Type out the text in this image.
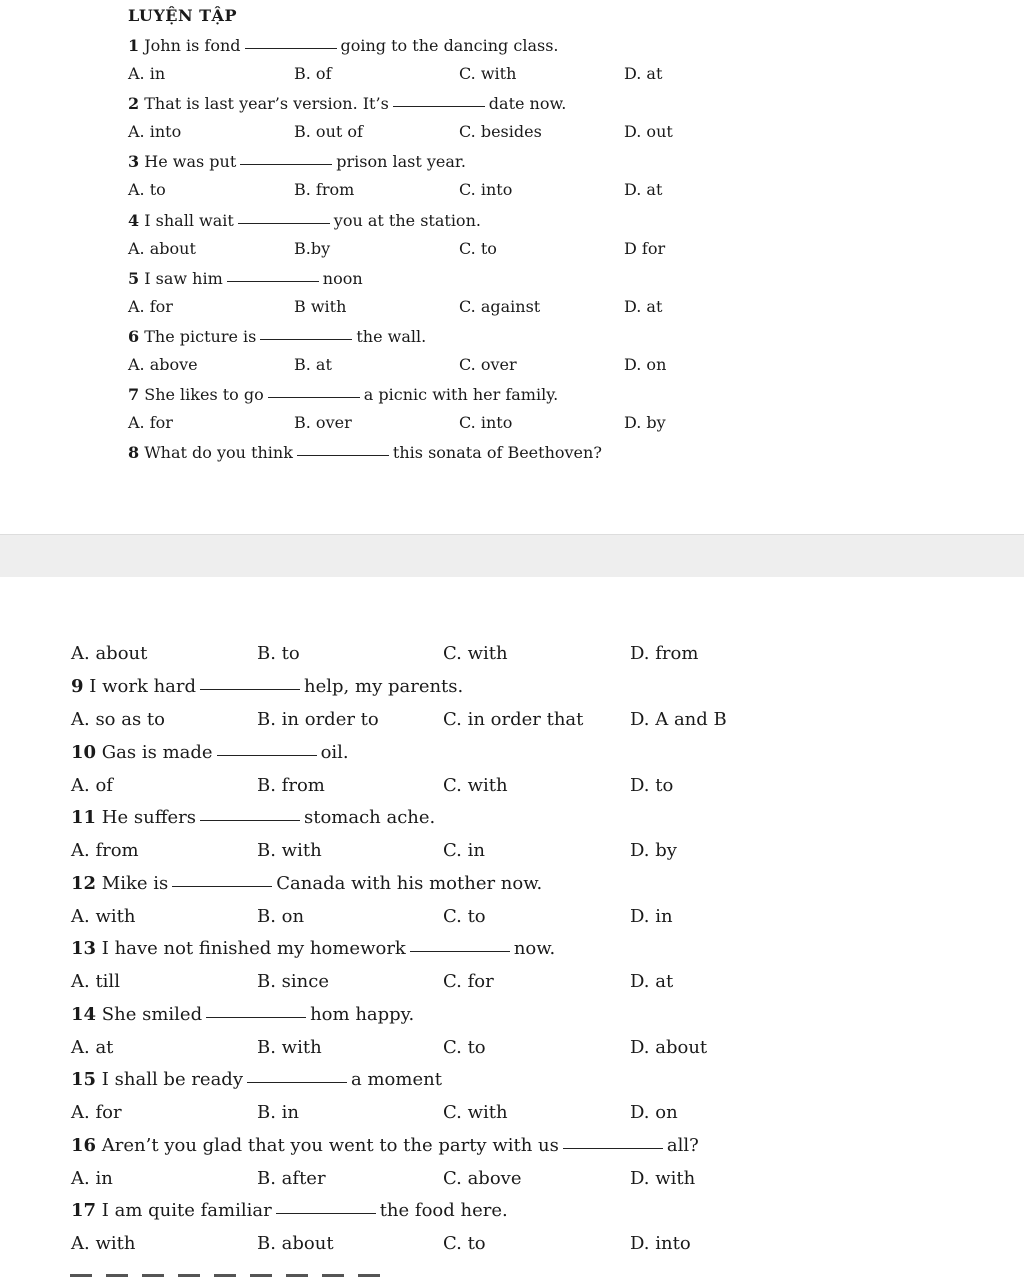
LUYỆN TẬP
1 John is fond	going to the dancing class.
A. in	B. of	C. with	D. at
2 That is last year’s version. It’s	date now.
A. into	B. out of	C. besides	D. out
3 He was put	prison last year.
A. to	B. from	C. into	D. at
4 I shall wait	you at the station.
A. about	B.by	C. to	D for
5 I saw him	noon
A. for	B with	C. against	D. at
6 The picture is	the wall.
A. above	B. at	C. over	D. on
7 She likes to go	a picnic with her family.
A. for	B. over	C. into	D. by
8 What do you think	this sonata of Beethoven?
A. about	B. to	C. with	D. from
9 I work hard	help, my parents.
A. so as to	B. in order to	C. in order that	D. A and B
10 Gas is made	oil.
A. of	B. from	C. with	D. to
11 He suffers	stomach ache.
A. from	B. with	C. in	D. by
12 Mike is	Canada with his mother now.
A. with	B. on	C. to	D. in
13 I have not finished my homework	now.
A. till	B. since	C. for	D. at
14 She smiled	hom happy.
A. at	B. with	C. to	D. about
15 I shall be ready	a moment
A. for	B. in	C. with	D. on
16 Aren’t you glad that you went to the party with us	all?
A. in	B. after	C. above	D. with
17 I am quite familiar	the food here.
A. with	B. about	C. to	D. into
